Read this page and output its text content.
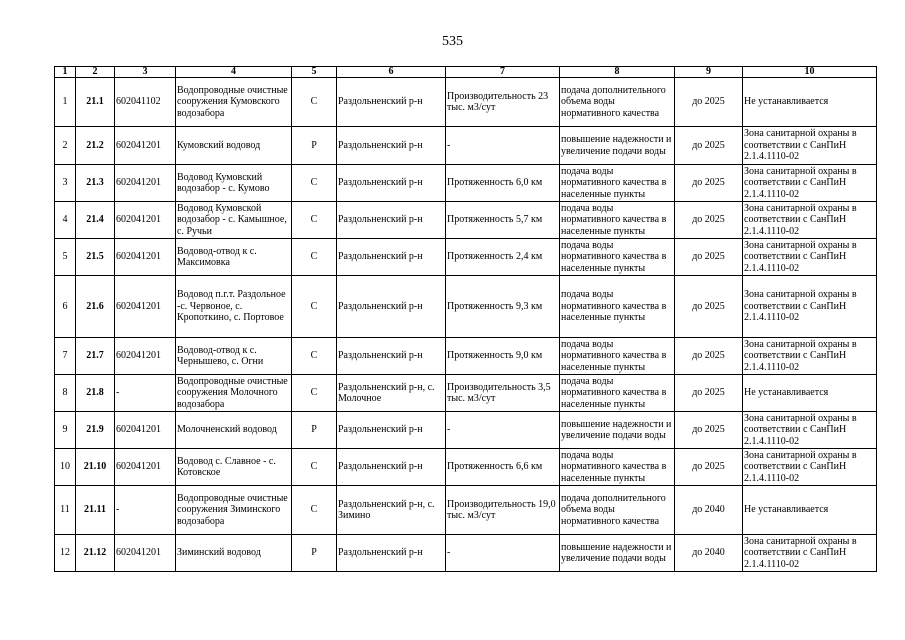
535
1	2	3	4	5	6	7	8	9	10
1	21.1	602041102	Водопроводные очистные сооружения Кумовского водозабора	С	Раздольненский р-н	Производительность 23 тыс. м3/сут	подача дополнительного объема воды нормативного качества	до 2025	Не устанавливается
2	21.2	602041201	Кумовский водовод	Р	Раздольненский р-н	-	повышение надежности и увеличение подачи воды	до 2025	Зона санитарной охраны в соответствии с СанПиН 2.1.4.1110-02
3	21.3	602041201	Водовод Кумовский водозабор - с. Кумово	С	Раздольненский р-н	Протяженность 6,0 км	подача воды нормативного качества в населенные пункты	до 2025	Зона санитарной охраны в соответствии с СанПиН 2.1.4.1110-02
4	21.4	602041201	Водовод Кумовской водозабор - с. Камышное, с. Ручьи	С	Раздольненский р-н	Протяженность 5,7 км	подача воды нормативного качества в населенные пункты	до 2025	Зона санитарной охраны в соответствии с СанПиН 2.1.4.1110-02
5	21.5	602041201	Водовод-отвод к с. Максимовка	С	Раздольненский р-н	Протяженность 2,4 км	подача воды нормативного качества в населенные пункты	до 2025	Зона санитарной охраны в соответствии с СанПиН 2.1.4.1110-02
6	21.6	602041201	Водовод п.г.т. Раздольное -с. Червоное, с. Кропоткино, с. Портовое	С	Раздольненский р-н	Протяженность 9,3 км	подача воды нормативного качества в населенные пункты	до 2025	Зона санитарной охраны в соответствии с СанПиН 2.1.4.1110-02
7	21.7	602041201	Водовод-отвод к с. Чернышево, с. Огни	С	Раздольненский р-н	Протяженность 9,0 км	подача воды нормативного качества в населенные пункты	до 2025	Зона санитарной охраны в соответствии с СанПиН 2.1.4.1110-02
8	21.8	-	Водопроводные очистные сооружения Молочного водозабора	С	Раздольненский р-н, с. Молочное	Производительность 3,5 тыс. м3/сут	подача воды нормативного качества в населенные пункты	до 2025	Не устанавливается
9	21.9	602041201	Молочненский водовод	Р	Раздольненский р-н	-	повышение надежности и увеличение подачи воды	до 2025	Зона санитарной охраны в соответствии с СанПиН 2.1.4.1110-02
10	21.10	602041201	Водовод с. Славное - с. Котовское	С	Раздольненский р-н	Протяженность 6,6 км	подача воды нормативного качества в населенные пункты	до 2025	Зона санитарной охраны в соответствии с СанПиН 2.1.4.1110-02
11	21.11	-	Водопроводные очистные сооружения Зиминского водозабора	С	Раздольненский р-н, с. Зимино	Производительность 19,0 тыс. м3/сут	подача дополнительного объема воды нормативного качества	до 2040	Не устанавливается
12	21.12	602041201	Зиминский водовод	Р	Раздольненский р-н	-	повышение надежности и увеличение подачи воды	до 2040	Зона санитарной охраны в соответствии с СанПиН 2.1.4.1110-02
